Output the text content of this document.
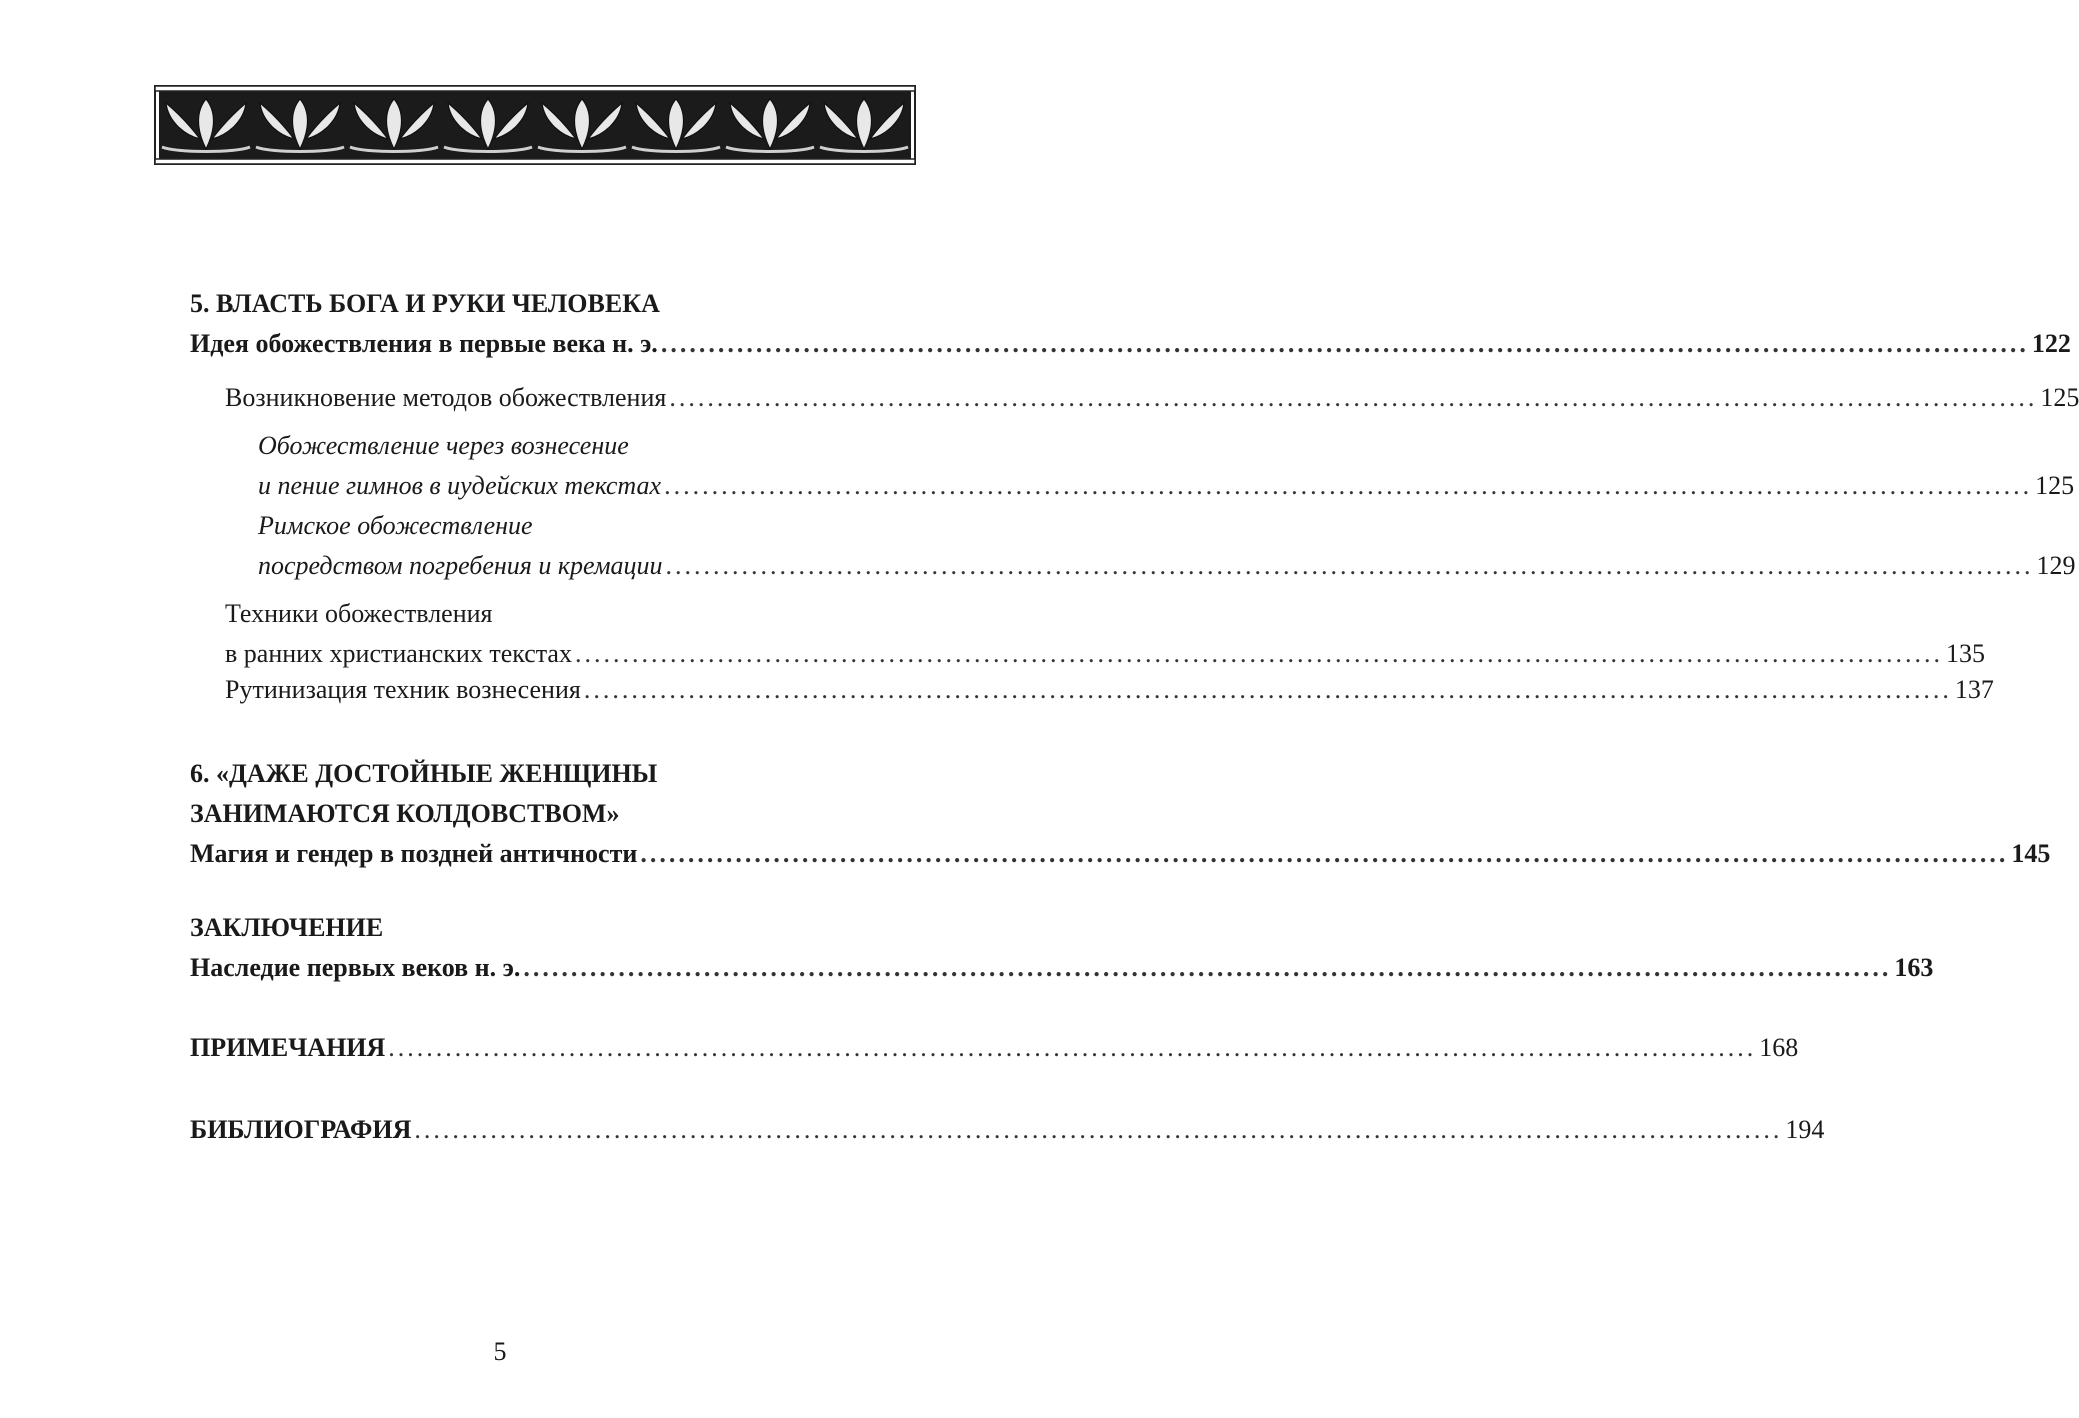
5. ВЛАСТЬ БОГА И РУКИ ЧЕЛОВЕКА
Идея обожествления в первые века н. э. ................................................................................................................................................ 122
Возникновение методов обожествления ................................................................................................................................................ 125
Обожествление через вознесение
и пение гимнов в иудейских текстах ................................................................................................................................................ 125
Римское обожествление
посредством погребения и кремации ................................................................................................................................................ 129
Техники обожествления
в ранних христианских текстах ................................................................................................................................................ 135
Рутинизация техник вознесения ................................................................................................................................................ 137
6. «ДАЖЕ ДОСТОЙНЫЕ ЖЕНЩИНЫ
ЗАНИМАЮТСЯ КОЛДОВСТВОМ»
Магия и гендер в поздней античности ................................................................................................................................................ 145
ЗАКЛЮЧЕНИЕ
Наследие первых веков н. э. ................................................................................................................................................ 163
ПРИМЕЧАНИЯ ................................................................................................................................................ 168
БИБЛИОГРАФИЯ ................................................................................................................................................ 194
5
